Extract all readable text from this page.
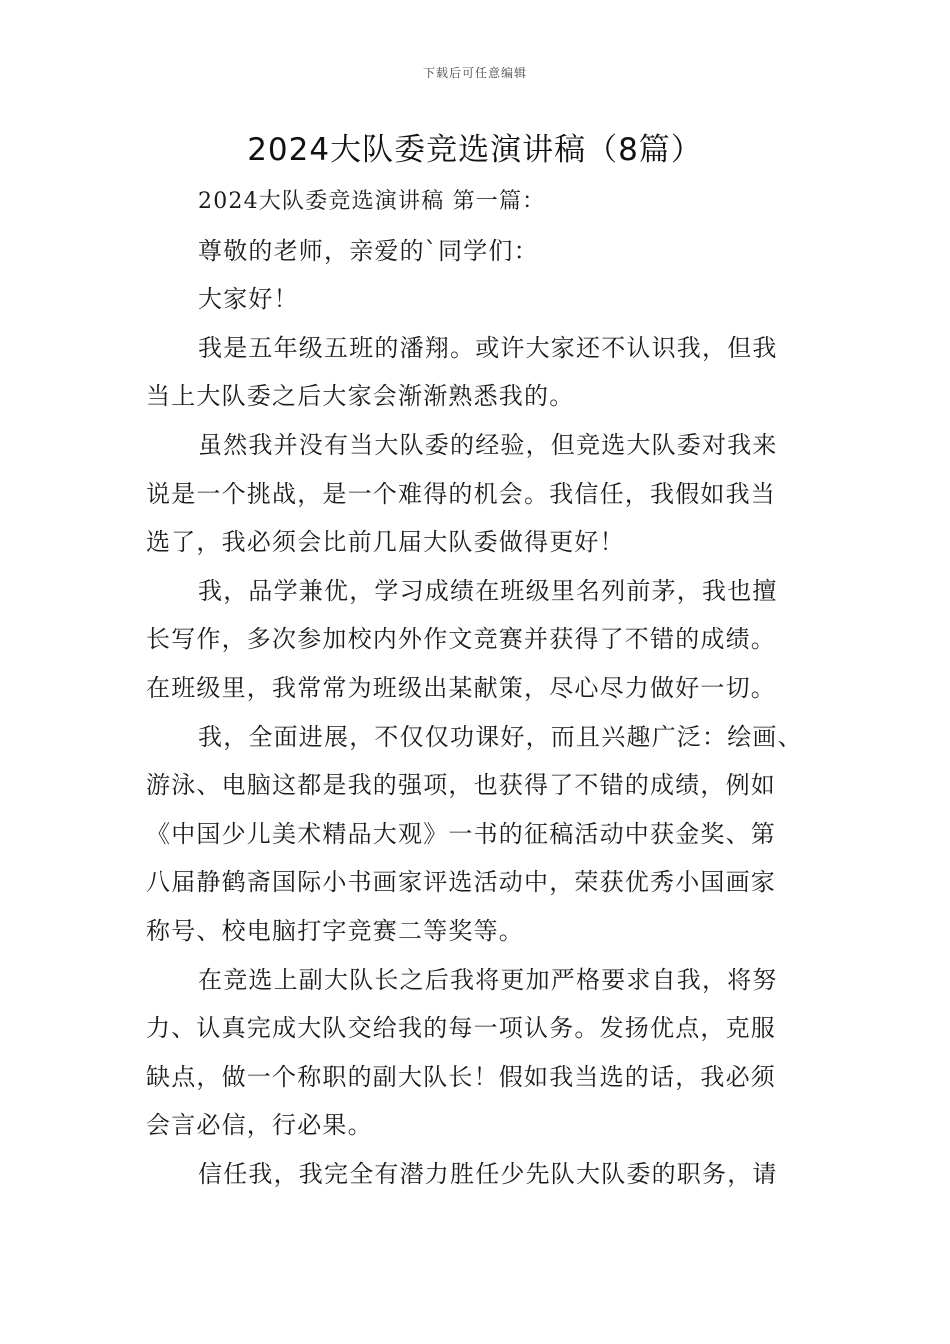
下载后可任意编辑
2024大队委竞选演讲稿（8篇）

2024大队委竞选演讲稿 第一篇：

尊敬的老师，亲爱的`同学们：

大家好！

我是五年级五班的潘翔。或许大家还不认识我，但我
当上大队委之后大家会渐渐熟悉我的。

虽然我并没有当大队委的经验，但竞选大队委对我来
说是一个挑战，是一个难得的机会。我信任，我假如我当
选了，我必须会比前几届大队委做得更好！

我，品学兼优，学习成绩在班级里名列前茅，我也擅
长写作，多次参加校内外作文竞赛并获得了不错的成绩。
在班级里，我常常为班级出某献策，尽心尽力做好一切。

我，全面进展，不仅仅功课好，而且兴趣广泛：绘画、
游泳、电脑这都是我的强项，也获得了不错的成绩，例如
《中国少儿美术精品大观》一书的征稿活动中获金奖、第
八届静鹤斋国际小书画家评选活动中，荣获优秀小国画家
称号、校电脑打字竞赛二等奖等。

在竞选上副大队长之后我将更加严格要求自我，将努
力、认真完成大队交给我的每一项认务。发扬优点，克服
缺点，做一个称职的副大队长！假如我当选的话，我必须
会言必信，行必果。

信任我，我完全有潜力胜任少先队大队委的职务，请
